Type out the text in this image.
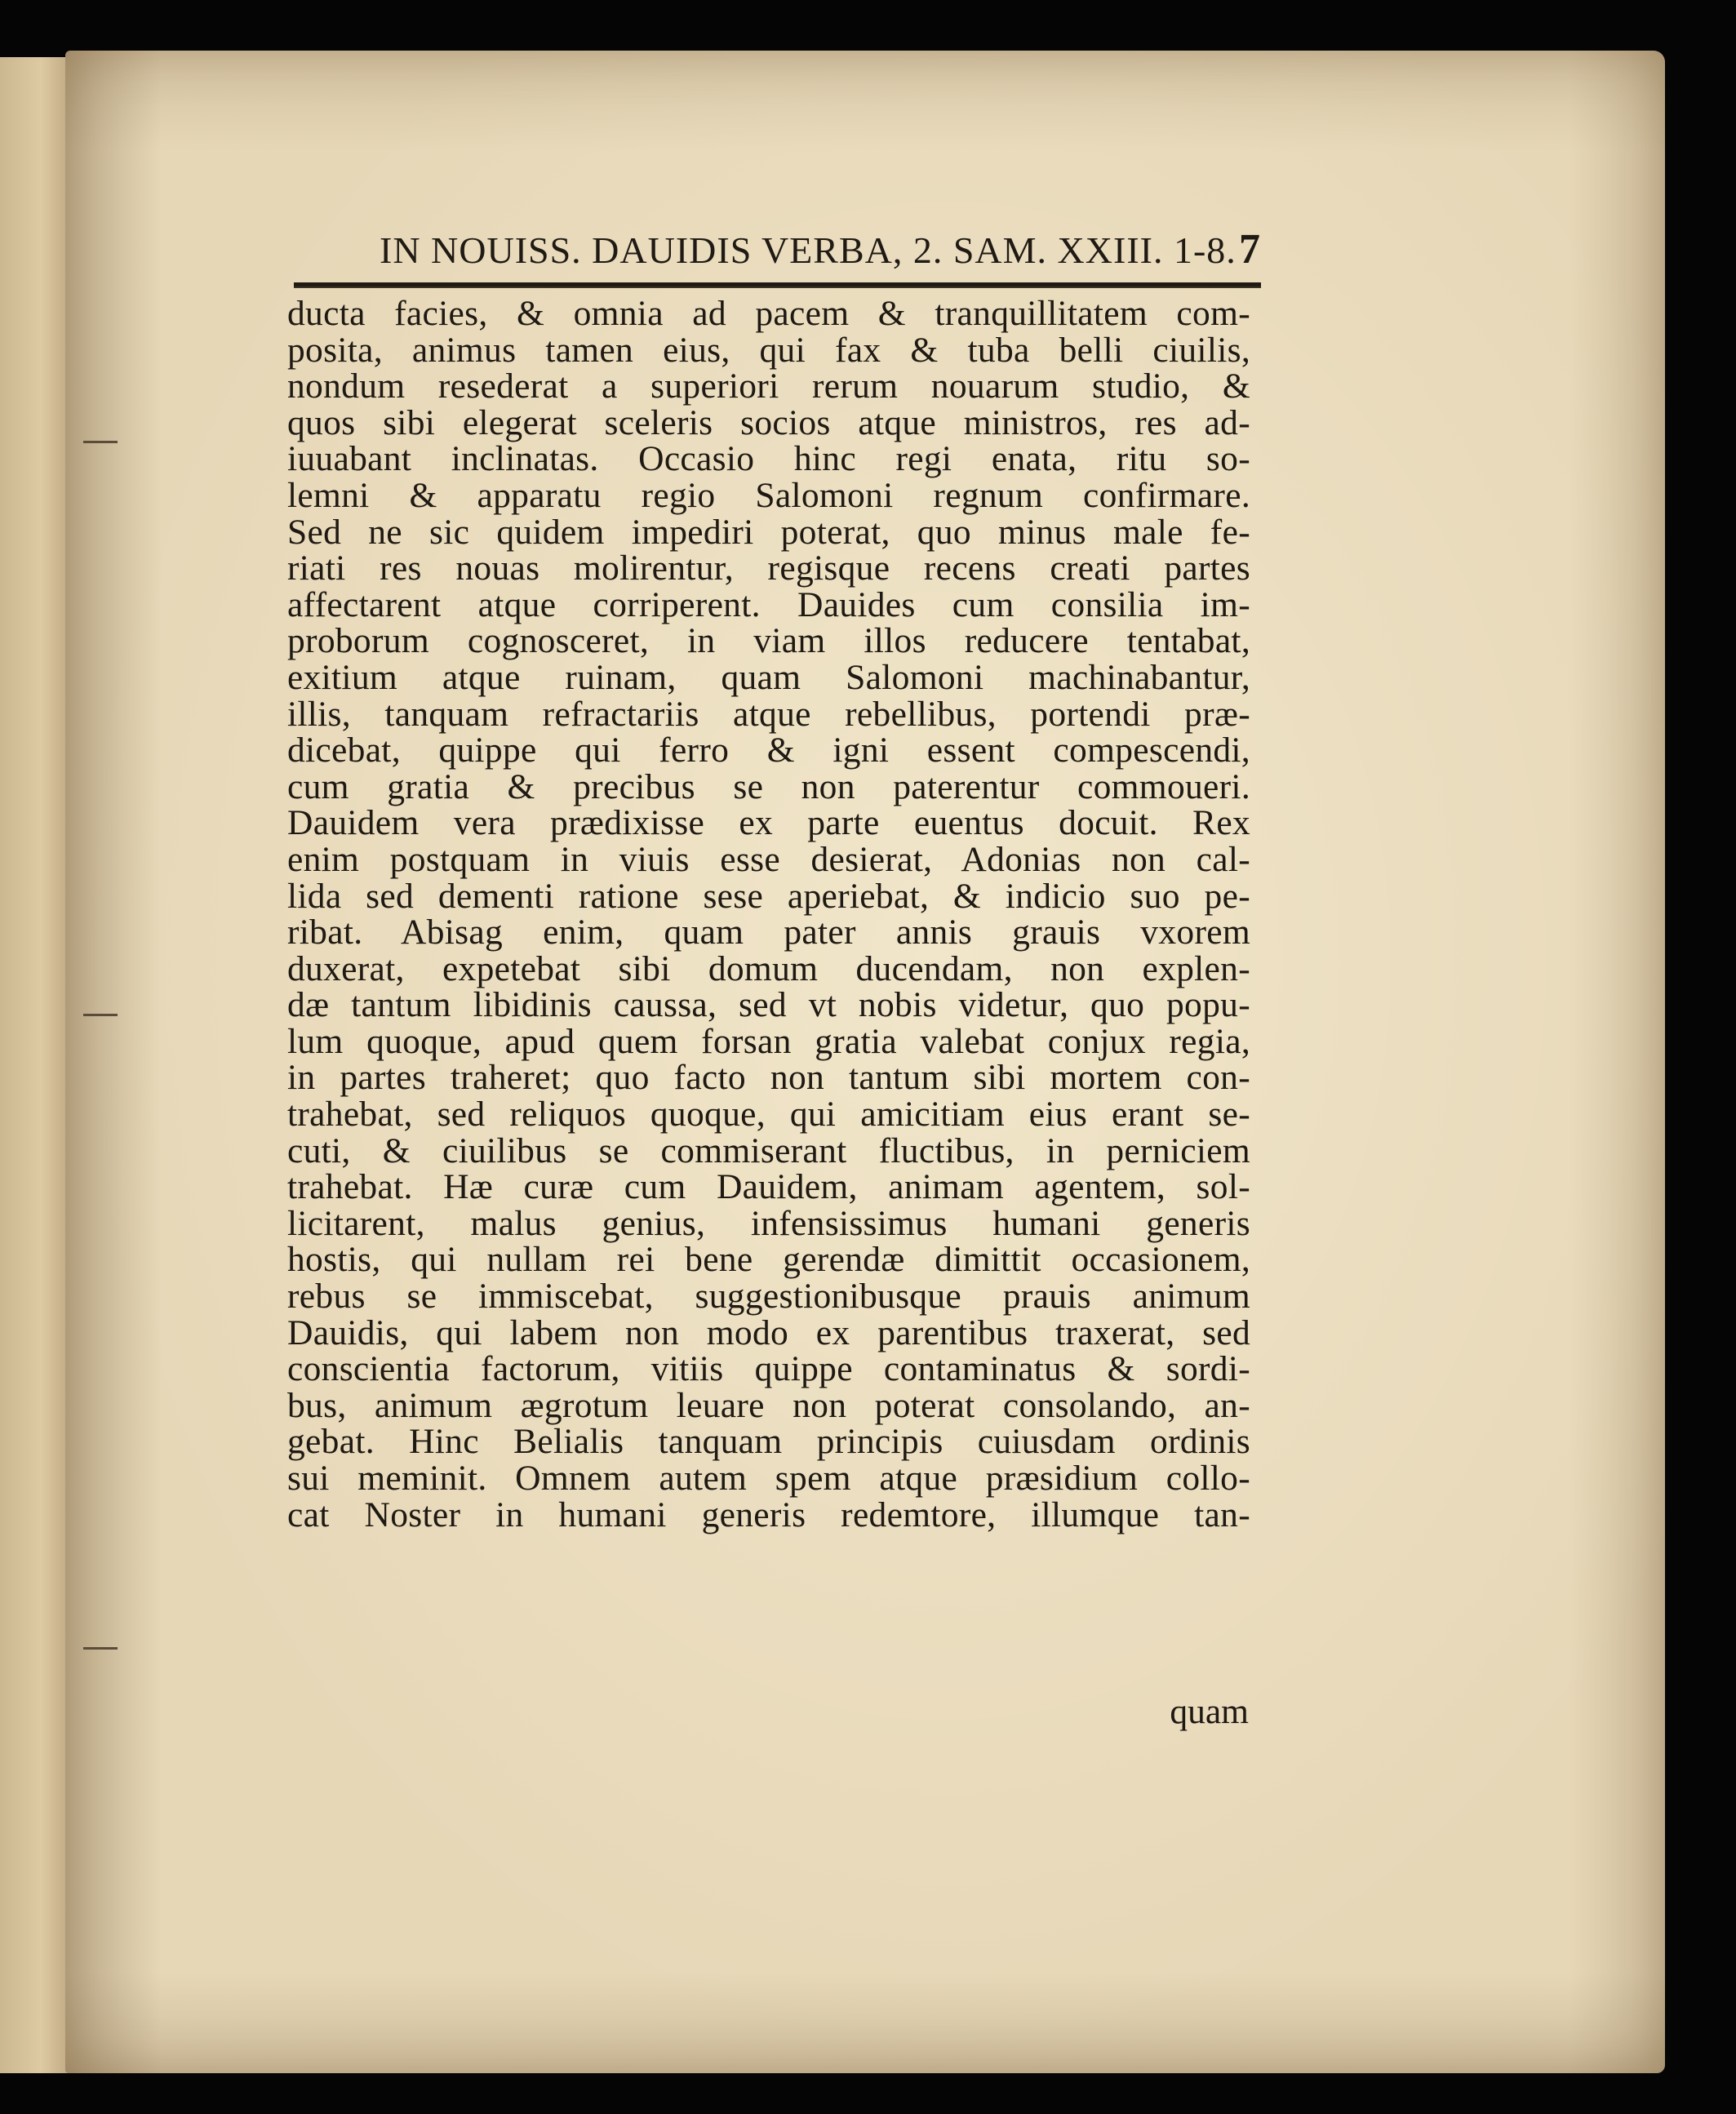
IN NOUISS. DAUIDIS VERBA, 2. SAM. XXIII. 1-8. 7
ducta facies, & omnia ad pacem & tranquillitatem com-
posita, animus tamen eius, qui fax & tuba belli ciuilis,
nondum resederat a superiori rerum nouarum studio, &
quos sibi elegerat sceleris socios atque ministros, res ad-
iuuabant inclinatas. Occasio hinc regi enata, ritu so-
lemni & apparatu regio Salomoni regnum confirmare.
Sed ne sic quidem impediri poterat, quo minus male fe-
riati res nouas molirentur, regisque recens creati partes
affectarent atque corriperent. Dauides cum consilia im-
proborum cognosceret, in viam illos reducere tentabat,
exitium atque ruinam, quam Salomoni machinabantur,
illis, tanquam refractariis atque rebellibus, portendi præ-
dicebat, quippe qui ferro & igni essent compescendi,
cum gratia & precibus se non paterentur commoueri.
Dauidem vera prædixisse ex parte euentus docuit. Rex
enim postquam in viuis esse desierat, Adonias non cal-
lida sed dementi ratione sese aperiebat, & indicio suo pe-
ribat. Abisag enim, quam pater annis grauis vxorem
duxerat, expetebat sibi domum ducendam, non explen-
dæ tantum libidinis caussa, sed vt nobis videtur, quo popu-
lum quoque, apud quem forsan gratia valebat conjux regia,
in partes traheret; quo facto non tantum sibi mortem con-
trahebat, sed reliquos quoque, qui amicitiam eius erant se-
cuti, & ciuilibus se commiserant fluctibus, in perniciem
trahebat. Hæ curæ cum Dauidem, animam agentem, sol-
licitarent, malus genius, infensissimus humani generis
hostis, qui nullam rei bene gerendæ dimittit occasionem,
rebus se immiscebat, suggestionibusque prauis animum
Dauidis, qui labem non modo ex parentibus traxerat, sed
conscientia factorum, vitiis quippe contaminatus & sordi-
bus, animum ægrotum leuare non poterat consolando, an-
gebat. Hinc Belialis tanquam principis cuiusdam ordinis
sui meminit. Omnem autem spem atque præsidium collo-
cat Noster in humani generis redemtore, illumque tan-
quam
